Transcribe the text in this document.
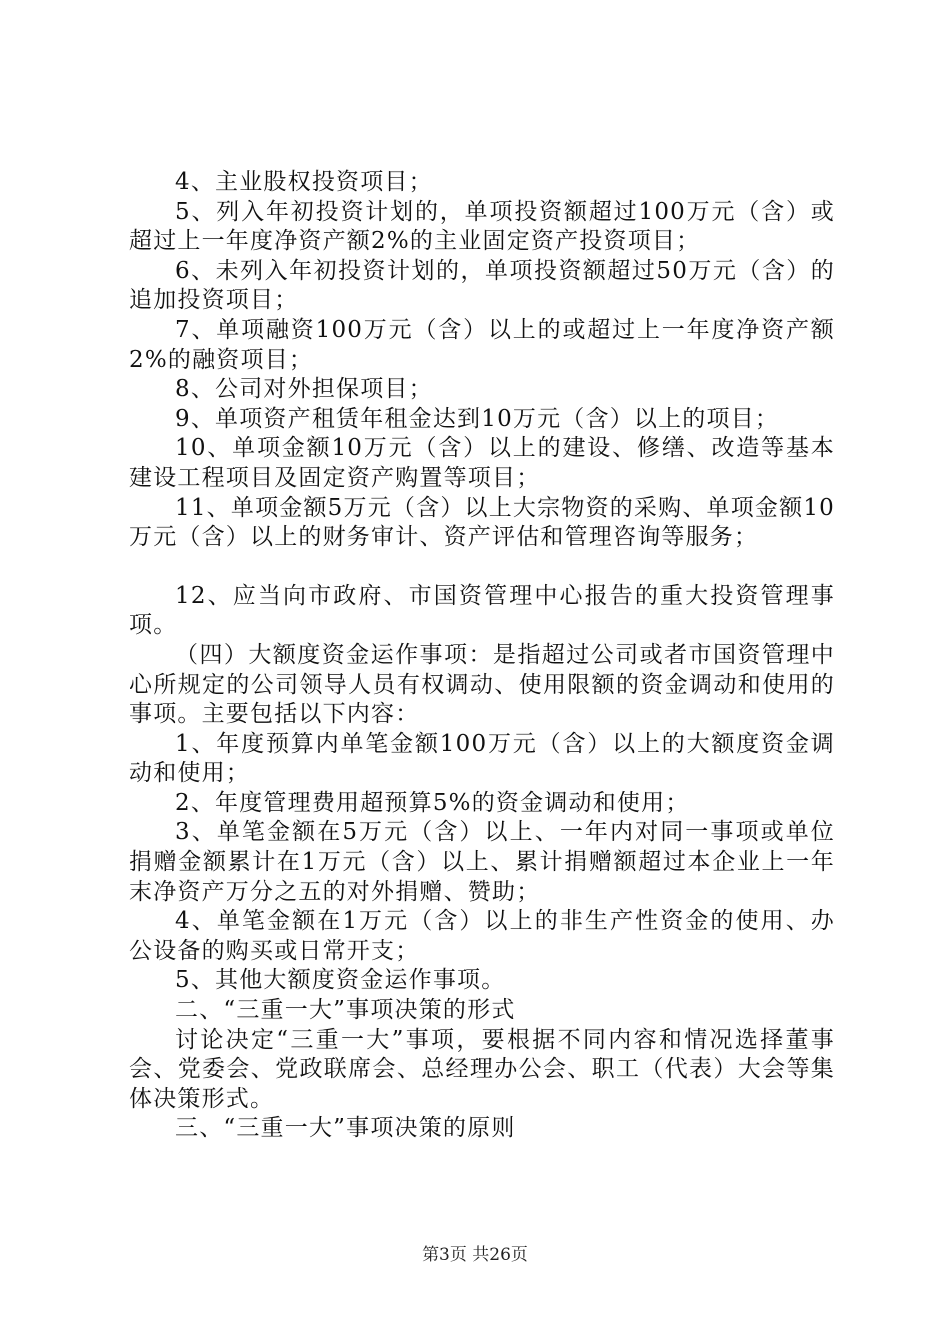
4、主业股权投资项目；

5、列入年初投资计划的，单项投资额超过100万元（含）或超过上一年度净资产额2%的主业固定资产投资项目；

6、未列入年初投资计划的，单项投资额超过50万元（含）的追加投资项目；

7、单项融资100万元（含）以上的或超过上一年度净资产额2%的融资项目；

8、公司对外担保项目；

9、单项资产租赁年租金达到10万元（含）以上的项目；

10、单项金额10万元（含）以上的建设、修缮、改造等基本建设工程项目及固定资产购置等项目；

11、单项金额5万元（含）以上大宗物资的采购、单项金额10万元（含）以上的财务审计、资产评估和管理咨询等服务；

12、应当向市政府、市国资管理中心报告的重大投资管理事项。

（四）大额度资金运作事项：是指超过公司或者市国资管理中心所规定的公司领导人员有权调动、使用限额的资金调动和使用的事项。主要包括以下内容：

1、年度预算内单笔金额100万元（含）以上的大额度资金调动和使用；

2、年度管理费用超预算5%的资金调动和使用；

3、单笔金额在5万元（含）以上、一年内对同一事项或单位捐赠金额累计在1万元（含）以上、累计捐赠额超过本企业上一年末净资产万分之五的对外捐赠、赞助；

4、单笔金额在1万元（含）以上的非生产性资金的使用、办公设备的购买或日常开支；

5、其他大额度资金运作事项。

二、“三重一大”事项决策的形式

讨论决定“三重一大”事项，要根据不同内容和情况选择董事会、党委会、党政联席会、总经理办公会、职工（代表）大会等集体决策形式。

三、“三重一大”事项决策的原则

第3页 共26页
